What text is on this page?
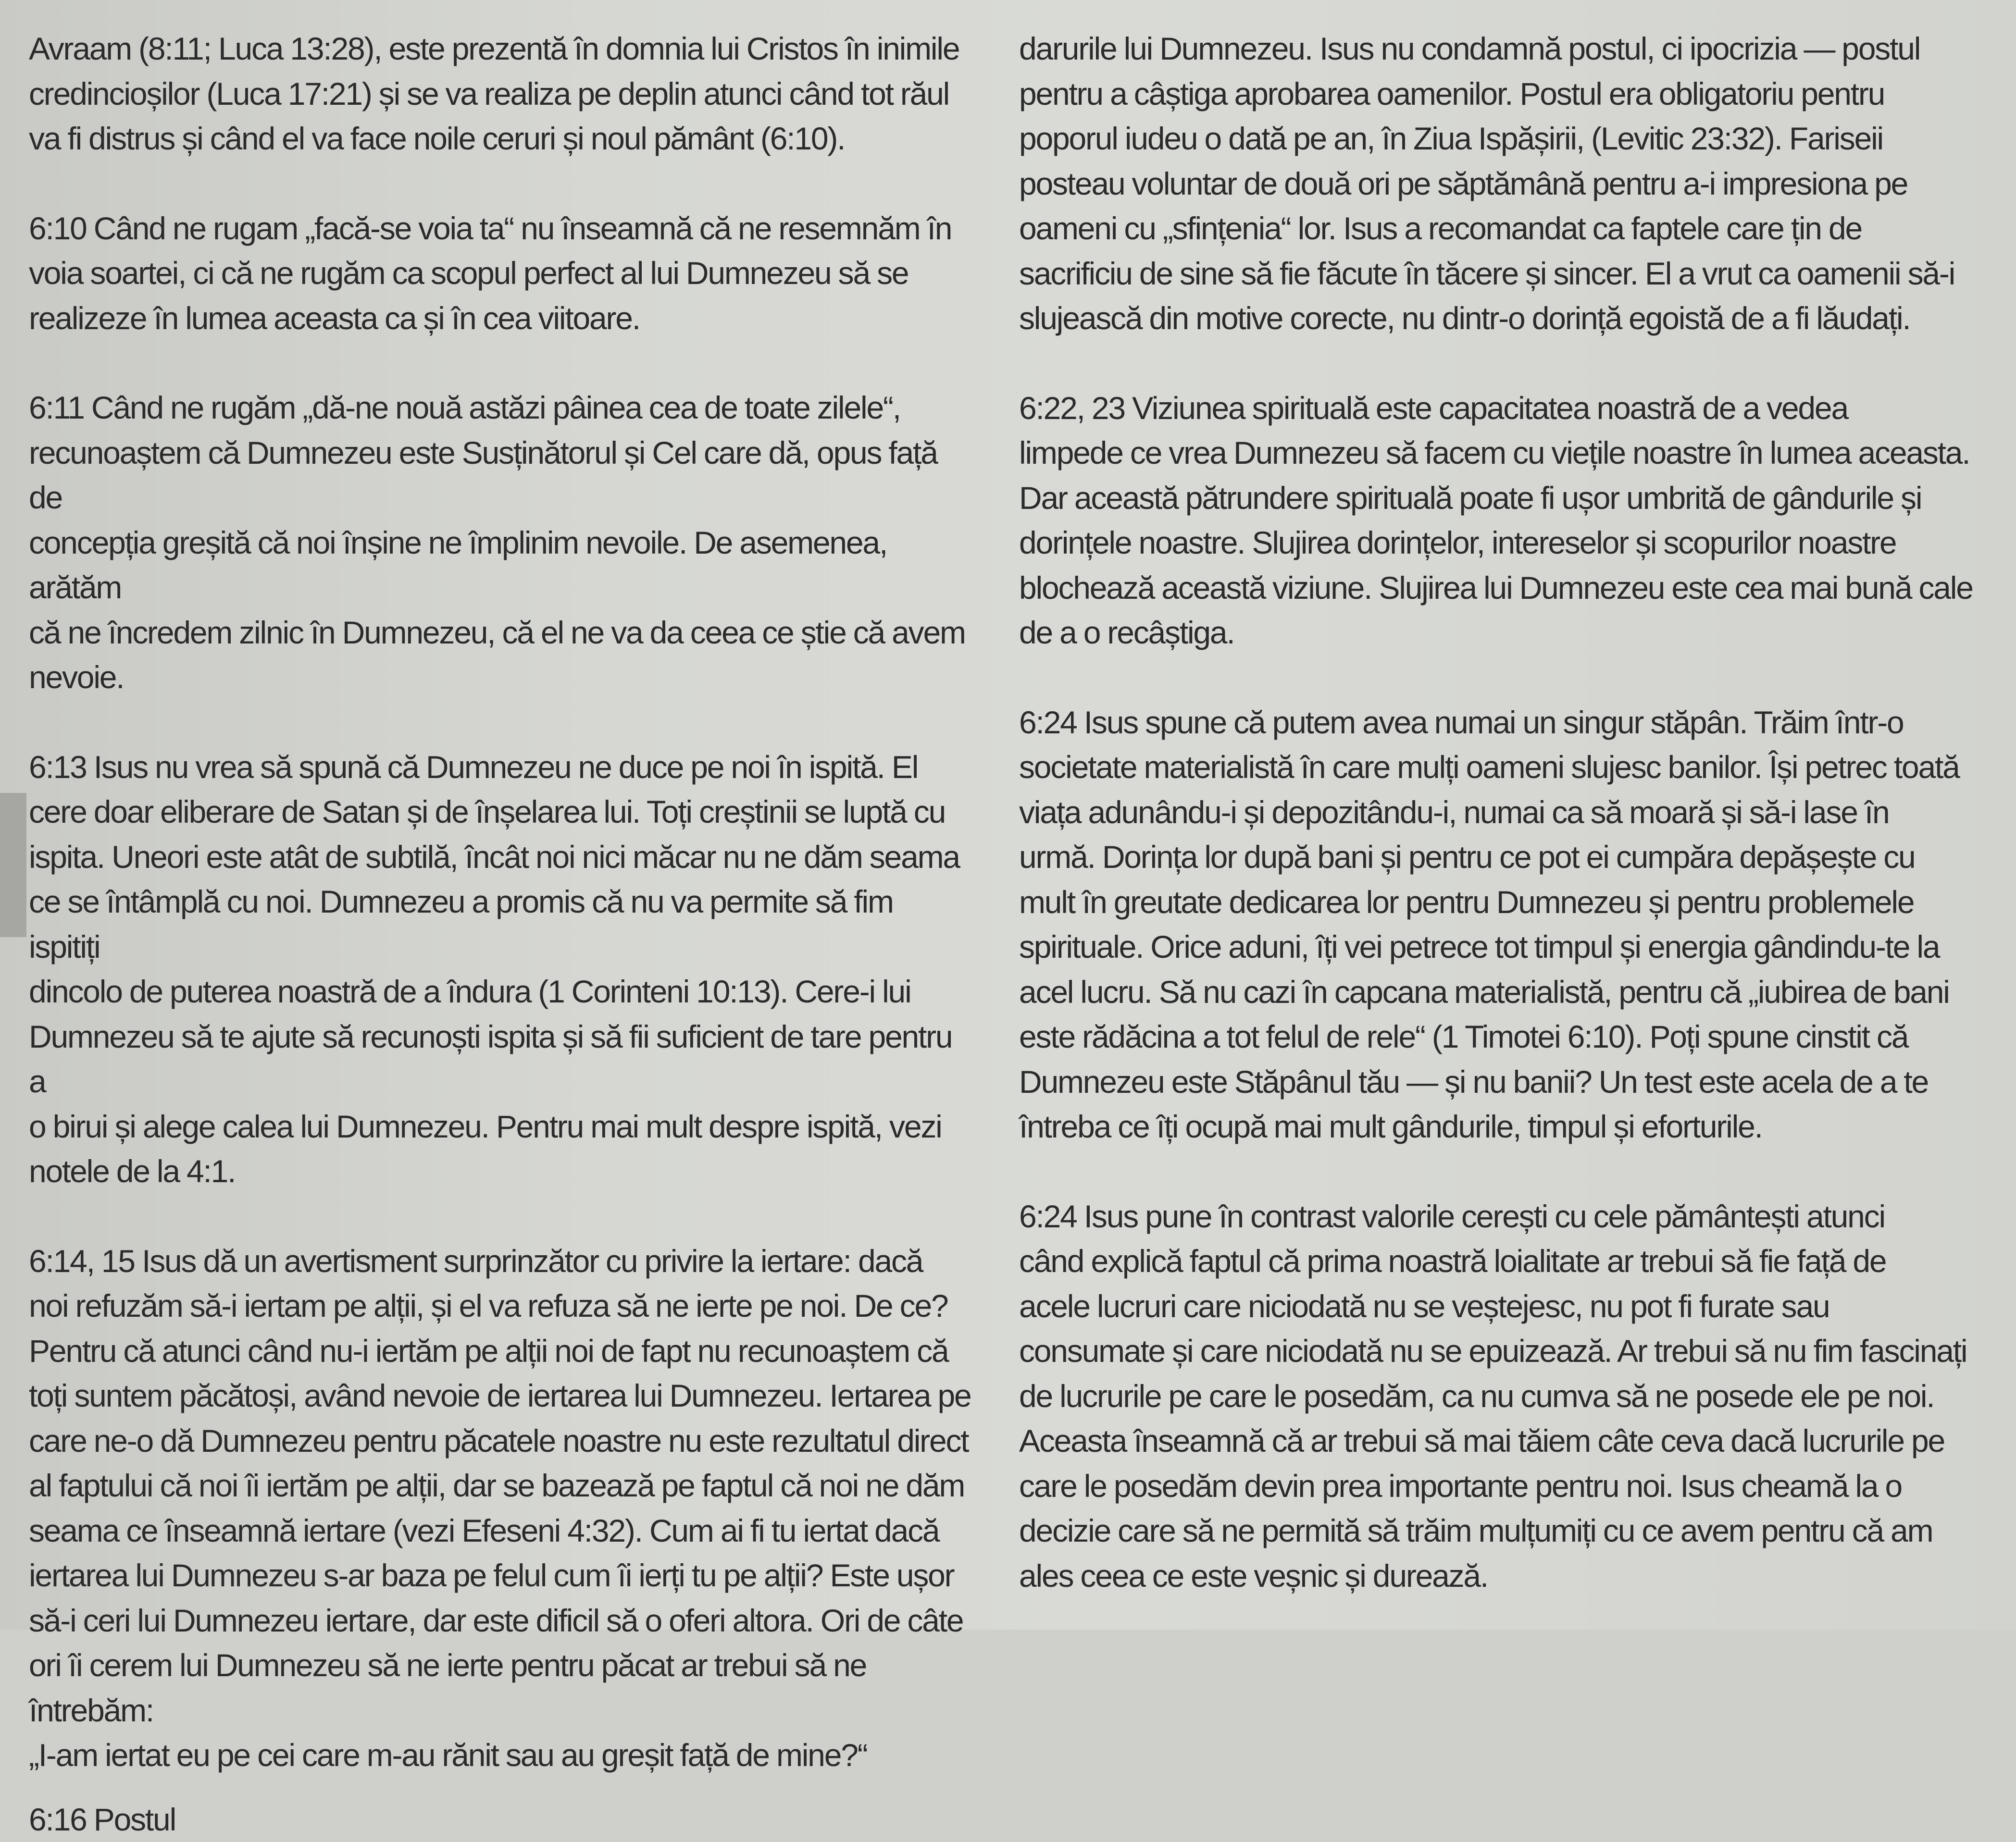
Avraam (8:11; Luca 13:28), este prezentă în domnia lui Cristos în inimile
credincioșilor (Luca 17:21) și se va realiza pe deplin atunci când tot răul
va fi distrus și când el va face noile ceruri și noul pământ (6:10).

6:10 Când ne rugam „facă-se voia ta“ nu înseamnă că ne resemnăm în
voia soartei, ci că ne rugăm ca scopul perfect al lui Dumnezeu să se
realizeze în lumea aceasta ca și în cea viitoare.

6:11 Când ne rugăm „dă-ne nouă astăzi pâinea cea de toate zilele“,
recunoaștem că Dumnezeu este Susținătorul și Cel care dă, opus față de
concepția greșită că noi înșine ne împlinim nevoile. De asemenea, arătăm
că ne încredem zilnic în Dumnezeu, că el ne va da ceea ce știe că avem
nevoie.

6:13 Isus nu vrea să spună că Dumnezeu ne duce pe noi în ispită. El
cere doar eliberare de Satan și de înșelarea lui. Toți creștinii se luptă cu
ispita. Uneori este atât de subtilă, încât noi nici măcar nu ne dăm seama
ce se întâmplă cu noi. Dumnezeu a promis că nu va permite să fim ispitiți
dincolo de puterea noastră de a îndura (1 Corinteni 10:13). Cere-i lui
Dumnezeu să te ajute să recunoști ispita și să fii suficient de tare pentru a
o birui și alege calea lui Dumnezeu. Pentru mai mult despre ispită, vezi
notele de la 4:1.

6:14, 15 Isus dă un avertisment surprinzător cu privire la iertare: dacă
noi refuzăm să-i iertam pe alții, și el va refuza să ne ierte pe noi. De ce?
Pentru că atunci când nu-i iertăm pe alții noi de fapt nu recunoaștem că
toți suntem păcătoși, având nevoie de iertarea lui Dumnezeu. Iertarea pe
care ne-o dă Dumnezeu pentru păcatele noastre nu este rezultatul direct
al faptului că noi îi iertăm pe alții, dar se bazează pe faptul că noi ne dăm
seama ce înseamnă iertare (vezi Efeseni 4:32). Cum ai fi tu iertat dacă
iertarea lui Dumnezeu s-ar baza pe felul cum îi ierți tu pe alții? Este ușor
să-i ceri lui Dumnezeu iertare, dar este dificil să o oferi altora. Ori de câte
ori îi cerem lui Dumnezeu să ne ierte pentru păcat ar trebui să ne întrebăm:
„I-am iertat eu pe cei care m-au rănit sau au greșit față de mine?“

6:16 Postul

darurile lui Dumnezeu. Isus nu condamnă postul, ci ipocrizia — postul
pentru a câștiga aprobarea oamenilor. Postul era obligatoriu pentru
poporul iudeu o dată pe an, în Ziua Ispășirii, (Levitic 23:32). Fariseii
posteau voluntar de două ori pe săptămână pentru a-i impresiona pe
oameni cu „sfințenia“ lor. Isus a recomandat ca faptele care țin de
sacrificiu de sine să fie făcute în tăcere și sincer. El a vrut ca oamenii să-i
slujească din motive corecte, nu dintr-o dorință egoistă de a fi lăudați.

6:22, 23 Viziunea spirituală este capacitatea noastră de a vedea
limpede ce vrea Dumnezeu să facem cu viețile noastre în lumea aceasta.
Dar această pătrundere spirituală poate fi ușor umbrită de gândurile și
dorințele noastre. Slujirea dorințelor, intereselor și scopurilor noastre
blochează această viziune. Slujirea lui Dumnezeu este cea mai bună cale
de a o recâștiga.

6:24 Isus spune că putem avea numai un singur stăpân. Trăim într-o
societate materialistă în care mulți oameni slujesc banilor. Își petrec toată
viața adunându-i și depozitându-i, numai ca să moară și să-i lase în
urmă. Dorința lor după bani și pentru ce pot ei cumpăra depășește cu
mult în greutate dedicarea lor pentru Dumnezeu și pentru problemele
spirituale. Orice aduni, îți vei petrece tot timpul și energia gândindu-te la
acel lucru. Să nu cazi în capcana materialistă, pentru că „iubirea de bani
este rădăcina a tot felul de rele“ (1 Timotei 6:10). Poți spune cinstit că
Dumnezeu este Stăpânul tău — și nu banii? Un test este acela de a te
întreba ce îți ocupă mai mult gândurile, timpul și eforturile.

6:24 Isus pune în contrast valorile cerești cu cele pământești atunci
când explică faptul că prima noastră loialitate ar trebui să fie față de
acele lucruri care niciodată nu se veștejesc, nu pot fi furate sau
consumate și care niciodată nu se epuizează. Ar trebui să nu fim fascinați
de lucrurile pe care le posedăm, ca nu cumva să ne posede ele pe noi.
Aceasta înseamnă că ar trebui să mai tăiem câte ceva dacă lucrurile pe
care le posedăm devin prea importante pentru noi. Isus cheamă la o
decizie care să ne permită să trăim mulțumiți cu ce avem pentru că am
ales ceea ce este veșnic și durează.
